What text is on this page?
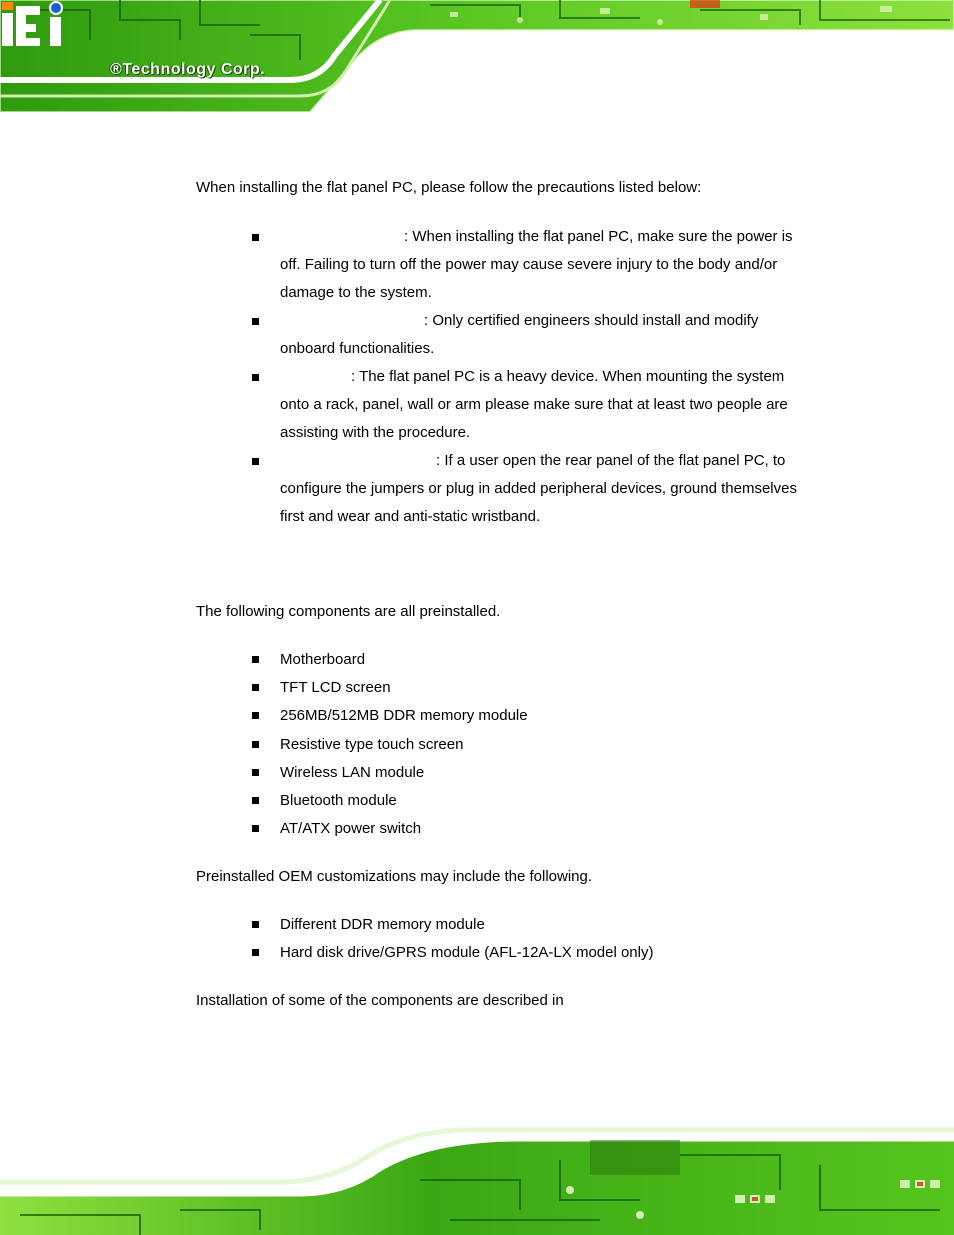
®Technology Corp.

When installing the flat panel PC, please follow the precautions listed below:

: When installing the flat panel PC, make sure the power is
off. Failing to turn off the power may cause severe injury to the body and/or
damage to the system.
: Only certified engineers should install and modify
onboard functionalities.
: The flat panel PC is a heavy device. When mounting the system
onto a rack, panel, wall or arm please make sure that at least two people are
assisting with the procedure.
: If a user open the rear panel of the flat panel PC, to
configure the jumpers or plug in added peripheral devices, ground themselves
first and wear and anti-static wristband.

The following components are all preinstalled.

Motherboard
TFT LCD screen
256MB/512MB DDR memory module
Resistive type touch screen
Wireless LAN module
Bluetooth module
AT/ATX power switch

Preinstalled OEM customizations may include the following.

Different DDR memory module
Hard disk drive/GPRS module (AFL-12A-LX model only)

Installation of some of the components are described in
